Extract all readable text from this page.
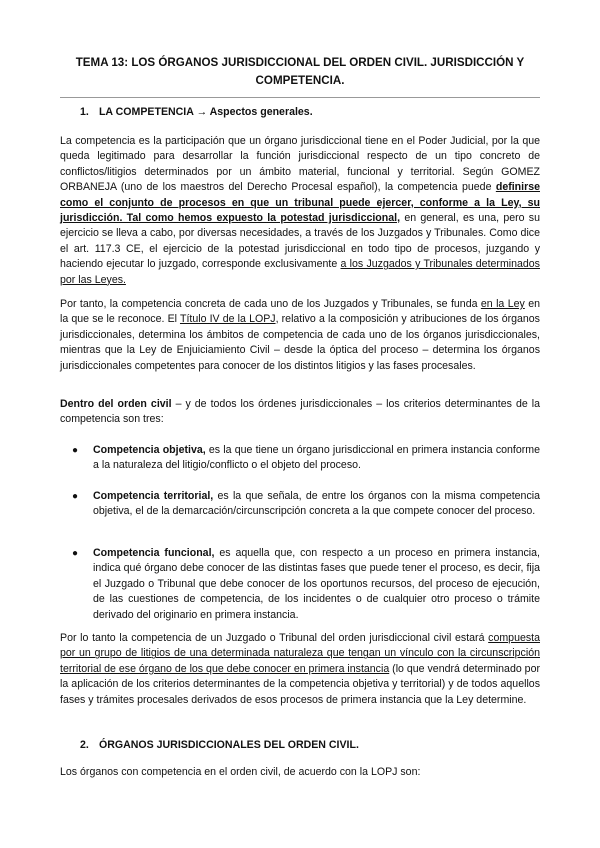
TEMA 13: LOS ÓRGANOS JURISDICCIONAL DEL ORDEN CIVIL. JURISDICCIÓN Y COMPETENCIA.
1. LA COMPETENCIA → Aspectos generales.

La competencia es la participación que un órgano jurisdiccional tiene en el Poder Judicial, por la que queda legitimado para desarrollar la función jurisdiccional respecto de un tipo concreto de conflictos/litigios determinados por un ámbito material, funcional y territorial. Según GOMEZ ORBANEJA (uno de los maestros del Derecho Procesal español), la competencia puede definirse como el conjunto de procesos en que un tribunal puede ejercer, conforme a la Ley, su jurisdicción. Tal como hemos expuesto la potestad jurisdiccional, en general, es una, pero su ejercicio se lleva a cabo, por diversas necesidades, a través de los Juzgados y Tribunales. Como dice el art. 117.3 CE, el ejercicio de la potestad jurisdiccional en todo tipo de procesos, juzgando y haciendo ejecutar lo juzgado, corresponde exclusivamente a los Juzgados y Tribunales determinados por las Leyes.

Por tanto, la competencia concreta de cada uno de los Juzgados y Tribunales, se funda en la Ley en la que se le reconoce. El Título IV de la LOPJ, relativo a la composición y atribuciones de los órganos jurisdiccionales, determina los ámbitos de competencia de cada uno de los órganos jurisdiccionales, mientras que la Ley de Enjuiciamiento Civil – desde la óptica del proceso – determina los órganos jurisdiccionales competentes para conocer de los distintos litigios y las fases procesales.

Dentro del orden civil – y de todos los órdenes jurisdiccionales – los criterios determinantes de la competencia son tres:

●	Competencia objetiva, es la que tiene un órgano jurisdiccional en primera instancia conforme a la naturaleza del litigio/conflicto o el objeto del proceso.
●	Competencia territorial, es la que señala, de entre los órganos con la misma competencia objetiva, el de la demarcación/circunscripción concreta a la que compete conocer del proceso.
●	Competencia funcional, es aquella que, con respecto a un proceso en primera instancia, indica qué órgano debe conocer de las distintas fases que puede tener el proceso, es decir, fija el Juzgado o Tribunal que debe conocer de los oportunos recursos, del proceso de ejecución, de las cuestiones de competencia, de los incidentes o de cualquier otro proceso o trámite derivado del originario en primera instancia.

Por lo tanto la competencia de un Juzgado o Tribunal del orden jurisdiccional civil estará compuesta por un grupo de litigios de una determinada naturaleza que tengan un vínculo con la circunscripción territorial de ese órgano de los que debe conocer en primera instancia (lo que vendrá determinado por la aplicación de los criterios determinantes de la competencia objetiva y territorial) y de todos aquellos fases y trámites procesales derivados de esos procesos de primera instancia que la Ley determine.

2. ÓRGANOS JURISDICCIONALES DEL ORDEN CIVIL.

Los órganos con competencia en el orden civil, de acuerdo con la LOPJ son:
